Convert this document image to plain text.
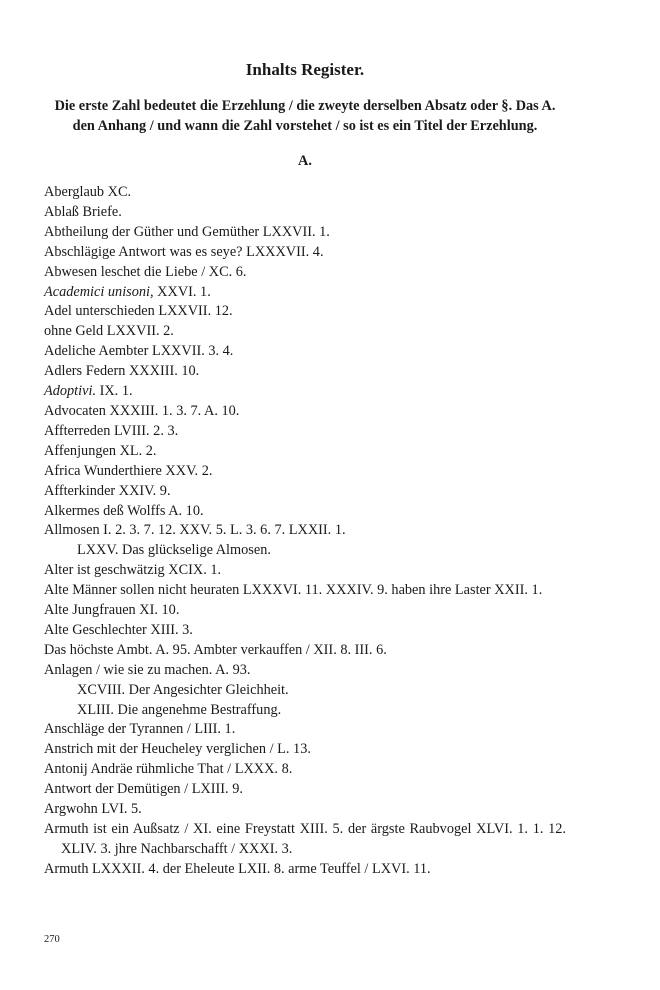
Inhalts Register.

Die erste Zahl bedeutet die Erzehlung / die zweyte derselben Absatz oder §. Das A. den Anhang / und wann die Zahl vorstehet / so ist es ein Titel der Erzehlung.

A.
Aberglaub XC.
Ablaß Briefe.
Abtheilung der Güther und Gemüther LXXVII. 1.
Abschlägige Antwort was es seye? LXXXVII. 4.
Abwesen leschet die Liebe / XC. 6.
Academici unisoni, XXVI. 1.
Adel unterschieden LXXVII. 12.
ohne Geld LXXVII. 2.
Adeliche Aembter LXXVII. 3. 4.
Adlers Federn XXXIII. 10.
Adoptivi. IX. 1.
Advocaten XXXIII. 1. 3. 7. A. 10.
Affterreden LVIII. 2. 3.
Affenjungen XL. 2.
Africa Wunderthiere XXV. 2.
Affterkinder XXIV. 9.
Alkermes deß Wolffs A. 10.
Allmosen I. 2. 3. 7. 12. XXV. 5. L. 3. 6. 7. LXXII. 1.
LXXV. Das glückselige Almosen.
Alter ist geschwätzig XCIX. 1.
Alte Männer sollen nicht heuraten LXXXVI. 11. XXXIV. 9. haben ihre Laster XXII. 1.
Alte Jungfrauen XI. 10.
Alte Geschlechter XIII. 3.
Das höchste Ambt. A. 95. Ambter verkauffen / XII. 8. III. 6.
Anlagen / wie sie zu machen. A. 93.
XCVIII. Der Angesichter Gleichheit.
XLIII. Die angenehme Bestraffung.
Anschläge der Tyrannen / LIII. 1.
Anstrich mit der Heucheley verglichen / L. 13.
Antonij Andräe rühmliche That / LXXX. 8.
Antwort der Demütigen / LXIII. 9.
Argwohn LVI. 5.
Armuth ist ein Außsatz / XI. eine Freystatt XIII. 5. der ärgste Raubvogel XLVI. 1. 1. 12. XLIV. 3. jhre Nachbarschafft / XXXI. 3.
Armuth LXXXII. 4. der Eheleute LXII. 8. arme Teuffel / LXVI. 11.
270
